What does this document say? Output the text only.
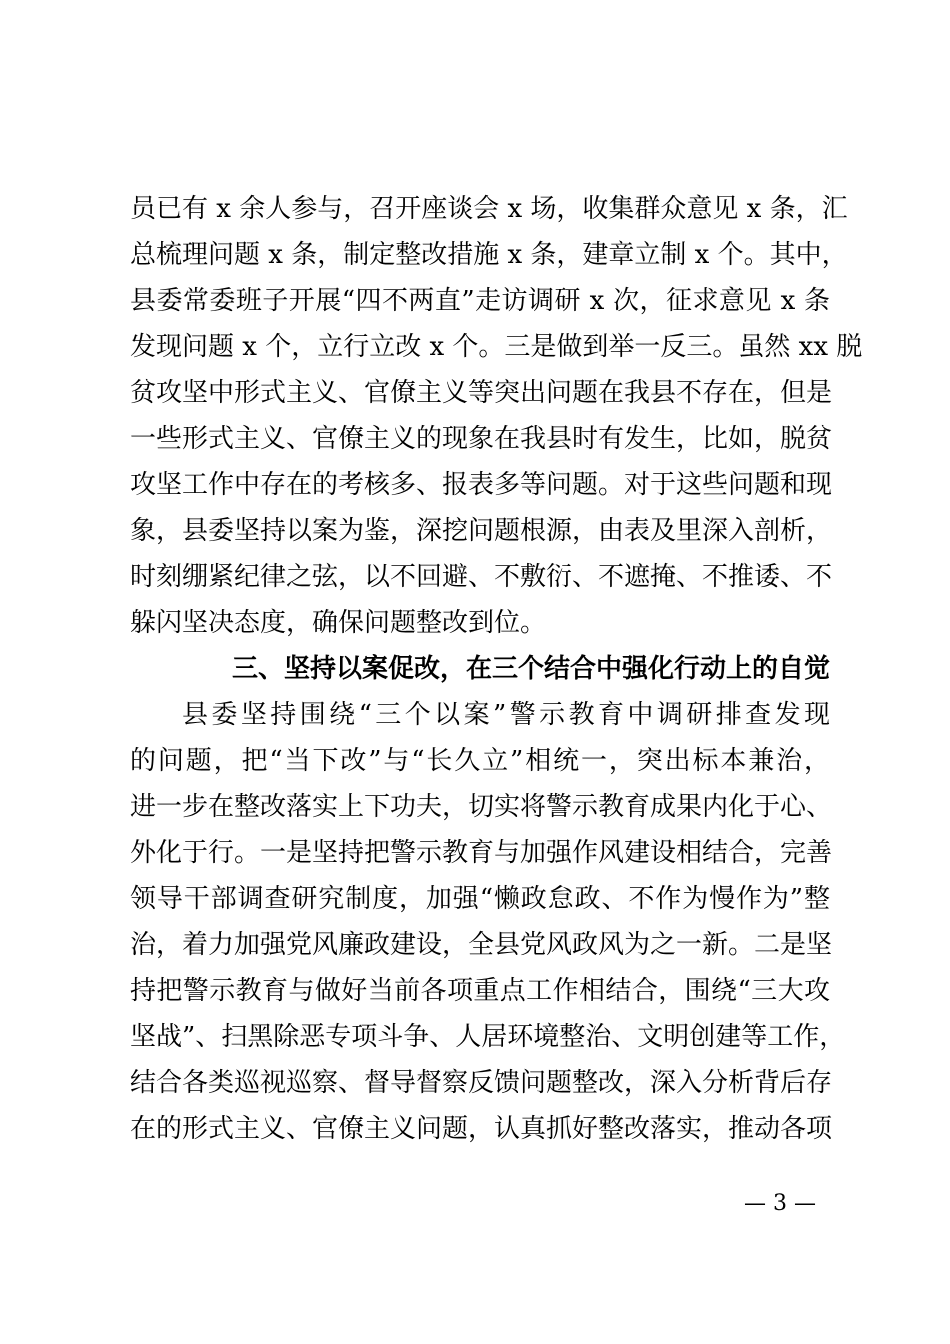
员已有 x 余人参与，召开座谈会 x 场，收集群众意见 x 条，汇
总梳理问题 x 条，制定整改措施 x 条，建章立制 x 个。其中，
县委常委班子开展“四不两直”走访调研 x 次，征求意见 x 条
发现问题 x 个，立行立改 x 个。三是做到举一反三。虽然 xx 脱
贫攻坚中形式主义、官僚主义等突出问题在我县不存在，但是
一些形式主义、官僚主义的现象在我县时有发生，比如，脱贫
攻坚工作中存在的考核多、报表多等问题。对于这些问题和现
象，县委坚持以案为鉴，深挖问题根源，由表及里深入剖析，
时刻绷紧纪律之弦，以不回避、不敷衍、不遮掩、不推诿、不
躲闪坚决态度，确保问题整改到位。
三、坚持以案促改，在三个结合中强化行动上的自觉
县委坚持围绕“三个以案”警示教育中调研排查发现
的问题，把“当下改”与“长久立”相统一，突出标本兼治，
进一步在整改落实上下功夫，切实将警示教育成果内化于心、
外化于行。一是坚持把警示教育与加强作风建设相结合，完善
领导干部调查研究制度，加强“懒政怠政、不作为慢作为”整
治，着力加强党风廉政建设，全县党风政风为之一新。二是坚
持把警示教育与做好当前各项重点工作相结合，围绕“三大攻
坚战”、扫黑除恶专项斗争、人居环境整治、文明创建等工作，
结合各类巡视巡察、督导督察反馈问题整改，深入分析背后存
在的形式主义、官僚主义问题，认真抓好整改落实，推动各项
— 3 —
